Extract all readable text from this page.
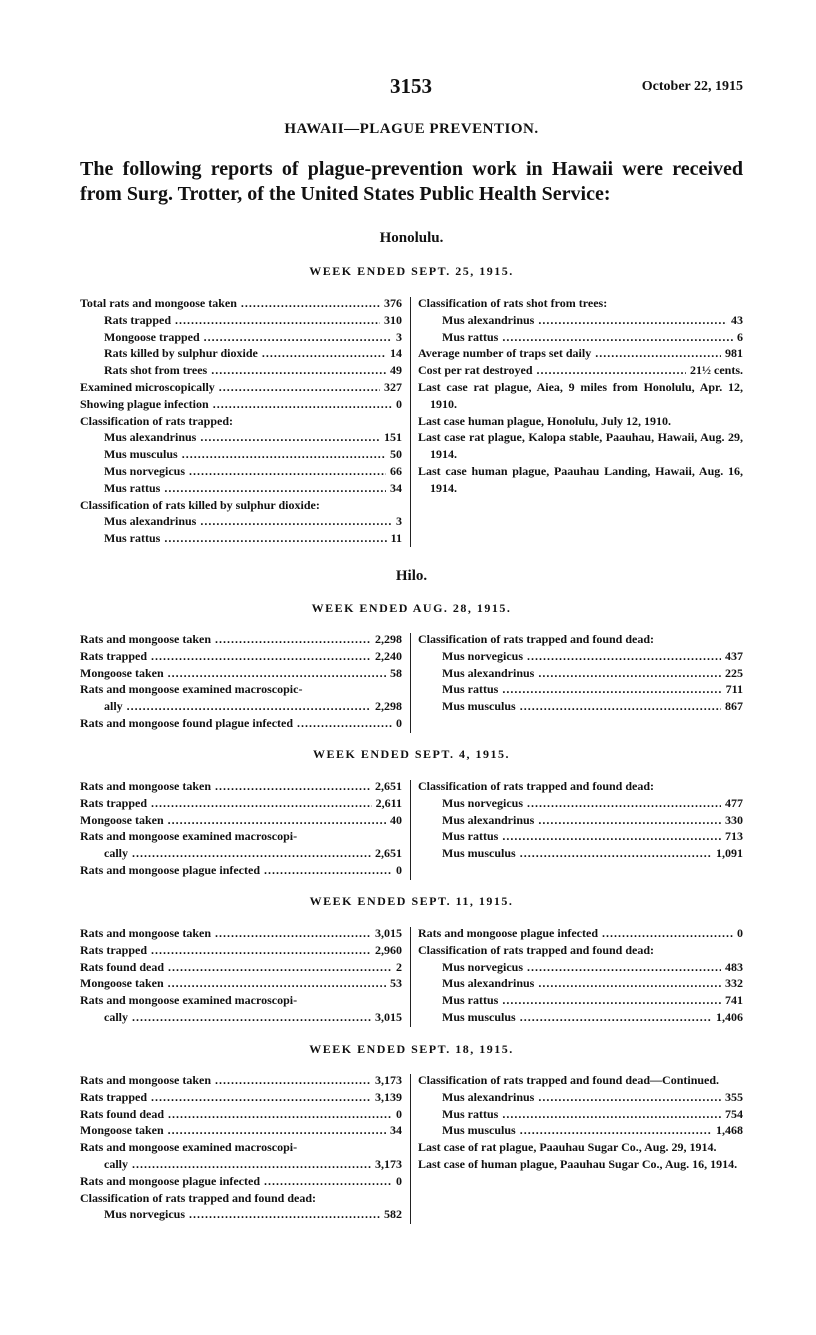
3153	October 22, 1915
HAWAII—PLAGUE PREVENTION.
The following reports of plague-prevention work in Hawaii were received from Surg. Trotter, of the United States Public Health Service:
Honolulu.
WEEK ENDED SEPT. 25, 1915.
Total rats and mongoose taken .....	376
Rats trapped .....	310
Mongoose trapped .....	3
Rats killed by sulphur dioxide .....	14
Rats shot from trees .....	49
Examined microscopically .....	327
Showing plague infection .....	0
Classification of rats trapped:
Mus alexandrinus .....	151
Mus musculus .....	50
Mus norvegicus .....	66
Mus rattus .....	34
Classification of rats killed by sulphur dioxide:
Mus alexandrinus .....	3
Mus rattus .....	11
Classification of rats shot from trees:
Mus alexandrinus .....	43
Mus rattus .....	6
Average number of traps set daily .....	981
Cost per rat destroyed .....	21½ cents.
Last case rat plague, Aiea, 9 miles from Honolulu, Apr. 12, 1910.
Last case human plague, Honolulu, July 12, 1910.
Last case rat plague, Kalopa stable, Paauhau, Hawaii, Aug. 29, 1914.
Last case human plague, Paauhau Landing, Hawaii, Aug. 16, 1914.
Hilo.
WEEK ENDED AUG. 28, 1915.
Rats and mongoose taken .....	2,298
Rats trapped .....	2,240
Mongoose taken .....	58
Rats and mongoose examined macroscopic-
ally .....	2,298
Rats and mongoose found plague infected .....	0
Classification of rats trapped and found dead:
Mus norvegicus .....	437
Mus alexandrinus .....	225
Mus rattus .....	711
Mus musculus .....	867
WEEK ENDED SEPT. 4, 1915.
Rats and mongoose taken .....	2,651
Rats trapped .....	2,611
Mongoose taken .....	40
Rats and mongoose examined macroscopi-
cally .....	2,651
Rats and mongoose plague infected .....	0
Classification of rats trapped and found dead:
Mus norvegicus .....	477
Mus alexandrinus .....	330
Mus rattus .....	713
Mus musculus .....	1,091
WEEK ENDED SEPT. 11, 1915.
Rats and mongoose taken .....	3,015
Rats trapped .....	2,960
Rats found dead .....	2
Mongoose taken .....	53
Rats and mongoose examined macroscopi-
cally .....	3,015
Rats and mongoose plague infected .....	0
Classification of rats trapped and found dead:
Mus norvegicus .....	483
Mus alexandrinus .....	332
Mus rattus .....	741
Mus musculus .....	1,406
WEEK ENDED SEPT. 18, 1915.
Rats and mongoose taken .....	3,173
Rats trapped .....	3,139
Rats found dead .....	0
Mongoose taken .....	34
Rats and mongoose examined macroscopi-
cally .....	3,173
Rats and mongoose plague infected .....	0
Classification of rats trapped and found dead:
Mus norvegicus .....	582
Classification of rats trapped and found dead—Continued.
Mus alexandrinus .....	355
Mus rattus .....	754
Mus musculus .....	1,468
Last case of rat plague, Paauhau Sugar Co., Aug. 29, 1914.
Last case of human plague, Paauhau Sugar Co., Aug. 16, 1914.
